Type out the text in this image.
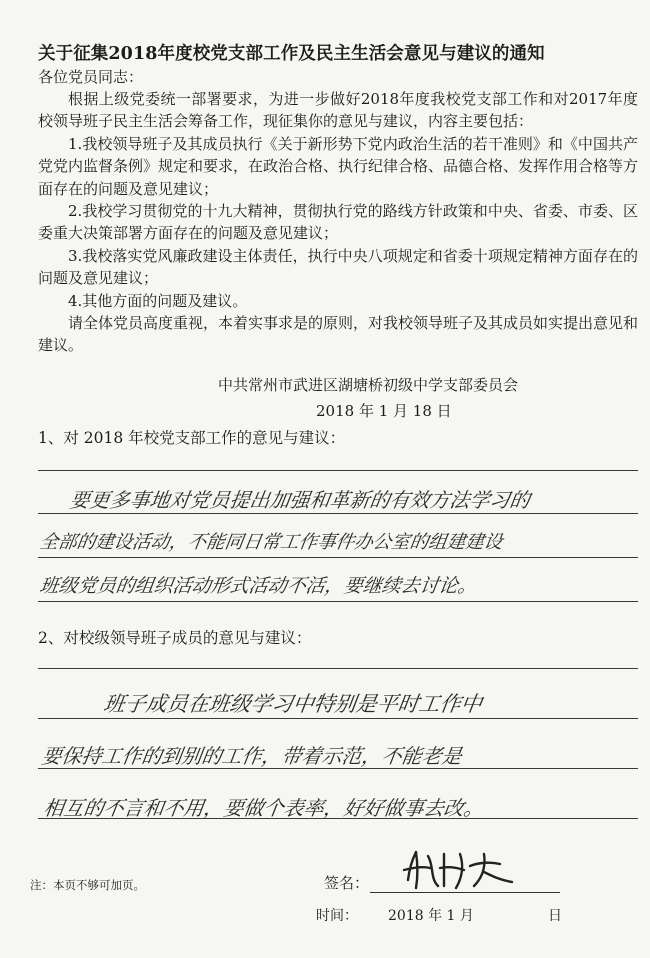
关于征集2018年度校党支部工作及民主生活会意见与建议的通知
各位党员同志：

根据上级党委统一部署要求，为进一步做好2018年度我校党支部工作和对2017年度校领导班子民主生活会筹备工作，现征集你的意见与建议，内容主要包括：

1.我校领导班子及其成员执行《关于新形势下党内政治生活的若干准则》和《中国共产党党内监督条例》规定和要求，在政治合格、执行纪律合格、品德合格、发挥作用合格等方面存在的问题及意见建议；

2.我校学习贯彻党的十九大精神，贯彻执行党的路线方针政策和中央、省委、市委、区委重大决策部署方面存在的问题及意见建议；

3.我校落实党风廉政建设主体责任，执行中央八项规定和省委十项规定精神方面存在的问题及意见建议；

4.其他方面的问题及建议。

请全体党员高度重视，本着实事求是的原则，对我校领导班子及其成员如实提出意见和建议。

中共常州市武进区湖塘桥初级中学支部委员会
2018 年 1 月 18 日
1、对 2018 年校党支部工作的意见与建议：
要更多事地对党员提出加强和革新的有效方法学习的
全部的建设活动，不能同日常工作事件办公室的组建建设
班级党员的组织活动形式活动不活，要继续去讨论。
2、对校级领导班子成员的意见与建议：
班子成员在班级学习中特别是平时工作中
要保持工作的到别的工作，带着示范，不能老是
相互的不言和不用，要做个表率，好好做事去改。
注：本页不够可加页。	签名：
时间： 2018 年 1 月	日
